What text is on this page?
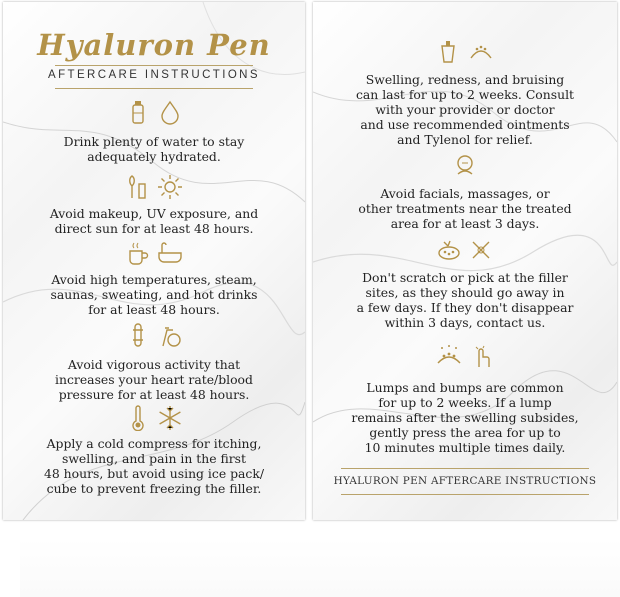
Hyaluron Pen
AFTERCARE INSTRUCTIONS
Drink plenty of water to stay
adequately hydrated.
Avoid makeup, UV exposure, and
direct sun for at least 48 hours.
Avoid high temperatures, steam,
saunas, sweating, and hot drinks
for at least 48 hours.
Avoid vigorous activity that
increases your heart rate/blood
pressure for at least 48 hours.
Apply a cold compress for itching,
swelling, and pain in the first
48 hours, but avoid using ice pack/
cube to prevent freezing the filler.
Swelling, redness, and bruising
can last for up to 2 weeks. Consult
with your provider or doctor
and use recommended ointments
and Tylenol for relief.
Avoid facials, massages, or
other treatments near the treated
area for at least 3 days.
Don't scratch or pick at the filler
sites, as they should go away in
a few days. If they don't disappear
within 3 days, contact us.
Lumps and bumps are common
for up to 2 weeks. If a lump
remains after the swelling subsides,
gently press the area for up to
10 minutes multiple times daily.
HYALURON PEN AFTERCARE INSTRUCTIONS
